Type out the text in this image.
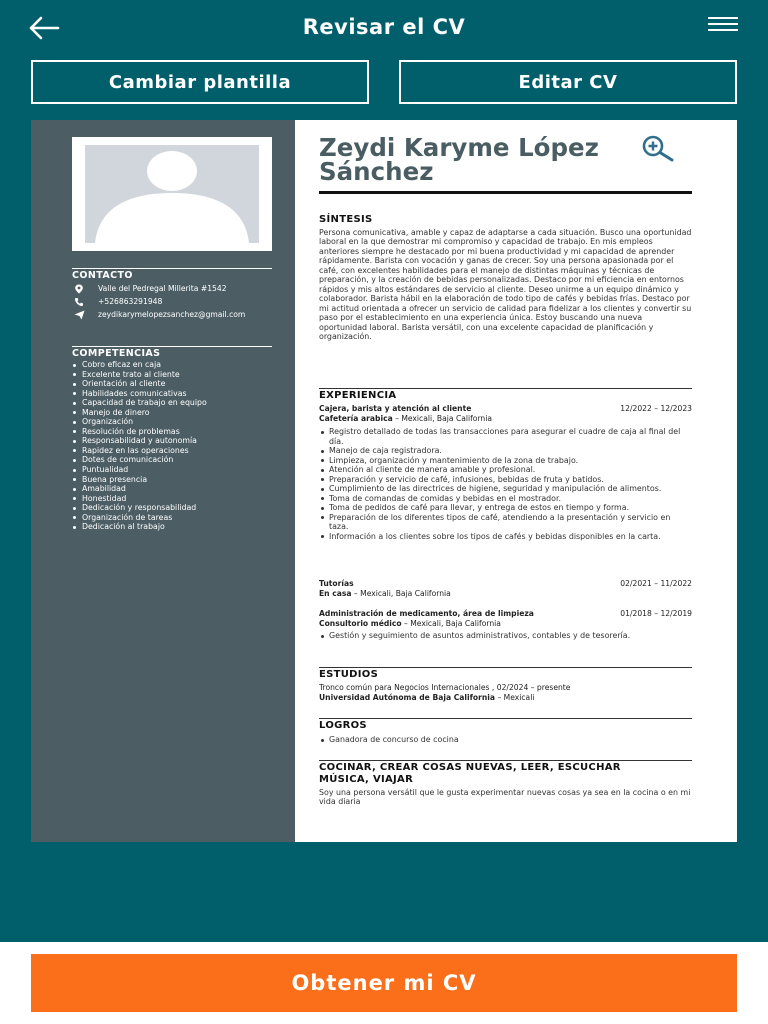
Revisar el CV
Cambiar plantilla	Editar CV
CONTACTO
Valle del Pedregal Millerita #1542
+526863291948
zeydikarymelopezsanchez@gmail.com
COMPETENCIAS
Cobro eficaz en caja
Excelente trato al cliente
Orientación al cliente
Habilidades comunicativas
Capacidad de trabajo en equipo
Manejo de dinero
Organización
Resolución de problemas
Responsabilidad y autonomía
Rapidez en las operaciones
Dotes de comunicación
Puntualidad
Buena presencia
Amabilidad
Honestidad
Dedicación y responsabilidad
Organización de tareas
Dedicación al trabajo
Zeydi Karyme López
Sánchez
SÍNTESIS
Persona comunicativa, amable y capaz de adaptarse a cada situación. Busco una oportunidad laboral en la que demostrar mi compromiso y capacidad de trabajo. En mis empleos anteriores siempre he destacado por mi buena productividad y mi capacidad de aprender rápidamente. Barista con vocación y ganas de crecer. Soy una persona apasionada por el café, con excelentes habilidades para el manejo de distintas máquinas y técnicas de preparación, y la creación de bebidas personalizadas. Destaco por mi eficiencia en entornos rápidos y mis altos estándares de servicio al cliente. Deseo unirme a un equipo dinámico y colaborador. Barista hábil en la elaboración de todo tipo de cafés y bebidas frías. Destaco por mi actitud orientada a ofrecer un servicio de calidad para fidelizar a los clientes y convertir su paso por el establecimiento en una experiencia única. Estoy buscando una nueva oportunidad laboral. Barista versátil, con una excelente capacidad de planificación y organización.
EXPERIENCIA
Cajera, barista y atención al cliente	12/2022 – 12/2023
Cafetería arabica – Mexicali, Baja California
Registro detallado de todas las transacciones para asegurar el cuadre de caja al final del día.
Manejo de caja registradora.
Limpieza, organización y mantenimiento de la zona de trabajo.
Atención al cliente de manera amable y profesional.
Preparación y servicio de café, infusiones, bebidas de fruta y batidos.
Cumplimiento de las directrices de higiene, seguridad y manipulación de alimentos.
Toma de comandas de comidas y bebidas en el mostrador.
Toma de pedidos de café para llevar, y entrega de estos en tiempo y forma.
Preparación de los diferentes tipos de café, atendiendo a la presentación y servicio en taza.
Información a los clientes sobre los tipos de cafés y bebidas disponibles en la carta.
Tutorías	02/2021 – 11/2022
En casa – Mexicali, Baja California
Administración de medicamento, área de limpieza	01/2018 – 12/2019
Consultorio médico – Mexicali, Baja California
Gestión y seguimiento de asuntos administrativos, contables y de tesorería.
ESTUDIOS
Tronco común para Negocios Internacionales , 02/2024 – presente
Universidad Autónoma de Baja California – Mexicali
LOGROS
Ganadora de concurso de cocina
COCINAR, CREAR COSAS NUEVAS, LEER, ESCUCHAR
MÚSICA, VIAJAR
Soy una persona versátil que le gusta experimentar nuevas cosas ya sea en la cocina o en mi vida diaria
Obtener mi CV
